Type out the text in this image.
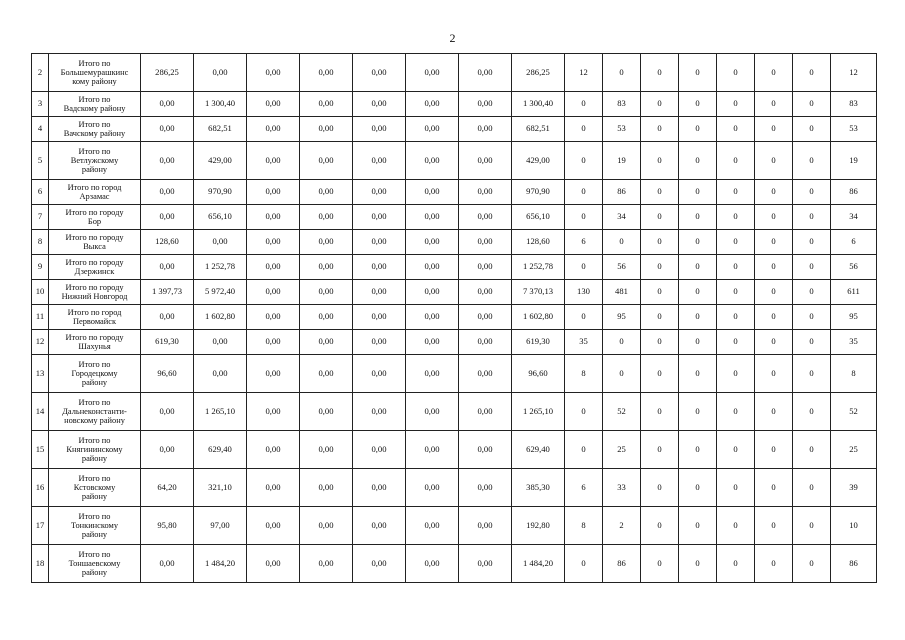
2
2	Итого по
Большемурашкинс
кому району	286,25	0,00	0,00	0,00	0,00	0,00	0,00	286,25	12	0	0	0	0	0	0	12
3	Итого по
Вадскому району	0,00	1 300,40	0,00	0,00	0,00	0,00	0,00	1 300,40	0	83	0	0	0	0	0	83
4	Итого по
Вачскому району	0,00	682,51	0,00	0,00	0,00	0,00	0,00	682,51	0	53	0	0	0	0	0	53
5	Итого по
Ветлужскому
району	0,00	429,00	0,00	0,00	0,00	0,00	0,00	429,00	0	19	0	0	0	0	0	19
6	Итого по город
Арзамас	0,00	970,90	0,00	0,00	0,00	0,00	0,00	970,90	0	86	0	0	0	0	0	86
7	Итого по городу
Бор	0,00	656,10	0,00	0,00	0,00	0,00	0,00	656,10	0	34	0	0	0	0	0	34
8	Итого по городу
Выкса	128,60	0,00	0,00	0,00	0,00	0,00	0,00	128,60	6	0	0	0	0	0	0	6
9	Итого по городу
Дзержинск	0,00	1 252,78	0,00	0,00	0,00	0,00	0,00	1 252,78	0	56	0	0	0	0	0	56
10	Итого по городу
Нижний Новгород	1 397,73	5 972,40	0,00	0,00	0,00	0,00	0,00	7 370,13	130	481	0	0	0	0	0	611
11	Итого по город
Первомайск	0,00	1 602,80	0,00	0,00	0,00	0,00	0,00	1 602,80	0	95	0	0	0	0	0	95
12	Итого по городу
Шахунья	619,30	0,00	0,00	0,00	0,00	0,00	0,00	619,30	35	0	0	0	0	0	0	35
13	Итого по
Городецкому
району	96,60	0,00	0,00	0,00	0,00	0,00	0,00	96,60	8	0	0	0	0	0	0	8
14	Итого по
Дальнеконстанти-
новскому району	0,00	1 265,10	0,00	0,00	0,00	0,00	0,00	1 265,10	0	52	0	0	0	0	0	52
15	Итого по
Княгининскому
району	0,00	629,40	0,00	0,00	0,00	0,00	0,00	629,40	0	25	0	0	0	0	0	25
16	Итого по
Кстовскому
району	64,20	321,10	0,00	0,00	0,00	0,00	0,00	385,30	6	33	0	0	0	0	0	39
17	Итого по
Тонкинскому
району	95,80	97,00	0,00	0,00	0,00	0,00	0,00	192,80	8	2	0	0	0	0	0	10
18	Итого по
Тоншаевскому
району	0,00	1 484,20	0,00	0,00	0,00	0,00	0,00	1 484,20	0	86	0	0	0	0	0	86
